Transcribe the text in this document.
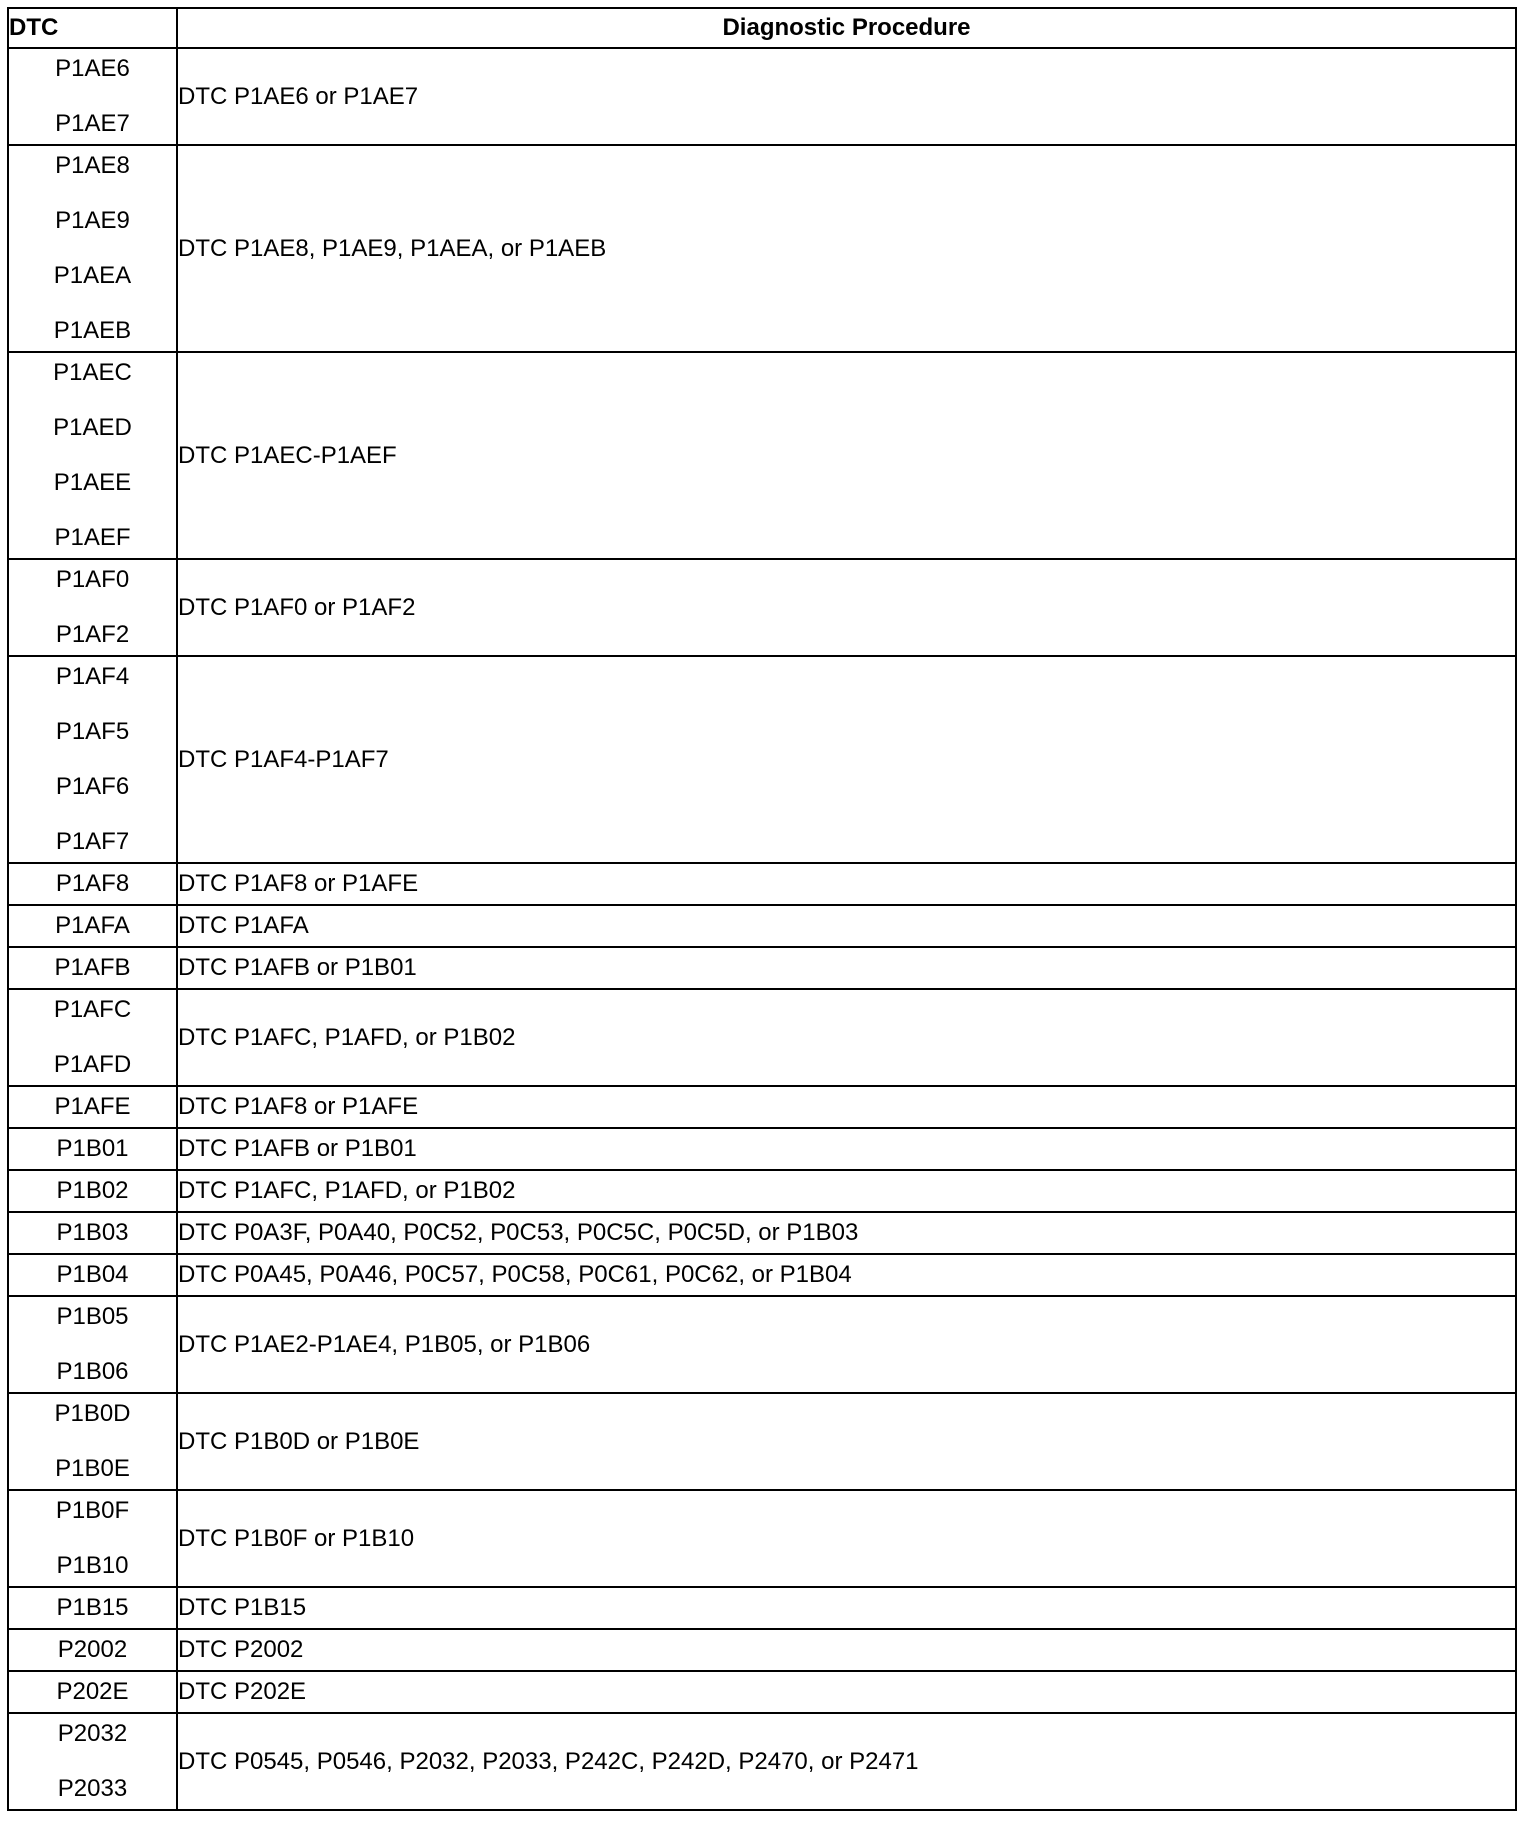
DTC	Diagnostic Procedure

P1AE6
P1AE7	DTC P1AE6 or P1AE7

P1AE8
P1AE9
P1AEA
P1AEB	DTC P1AE8, P1AE9, P1AEA, or P1AEB

P1AEC
P1AED
P1AEE
P1AEF	DTC P1AEC-P1AEF

P1AF0
P1AF2	DTC P1AF0 or P1AF2

P1AF4
P1AF5
P1AF6
P1AF7	DTC P1AF4-P1AF7

P1AF8	DTC P1AF8 or P1AFE

P1AFA	DTC P1AFA

P1AFB	DTC P1AFB or P1B01

P1AFC
P1AFD	DTC P1AFC, P1AFD, or P1B02

P1AFE	DTC P1AF8 or P1AFE

P1B01	DTC P1AFB or P1B01

P1B02	DTC P1AFC, P1AFD, or P1B02

P1B03	DTC P0A3F, P0A40, P0C52, P0C53, P0C5C, P0C5D, or P1B03

P1B04	DTC P0A45, P0A46, P0C57, P0C58, P0C61, P0C62, or P1B04

P1B05
P1B06	DTC P1AE2-P1AE4, P1B05, or P1B06

P1B0D
P1B0E	DTC P1B0D or P1B0E

P1B0F
P1B10	DTC P1B0F or P1B10

P1B15	DTC P1B15

P2002	DTC P2002

P202E	DTC P202E

P2032
P2033	DTC P0545, P0546, P2032, P2033, P242C, P242D, P2470, or P2471
